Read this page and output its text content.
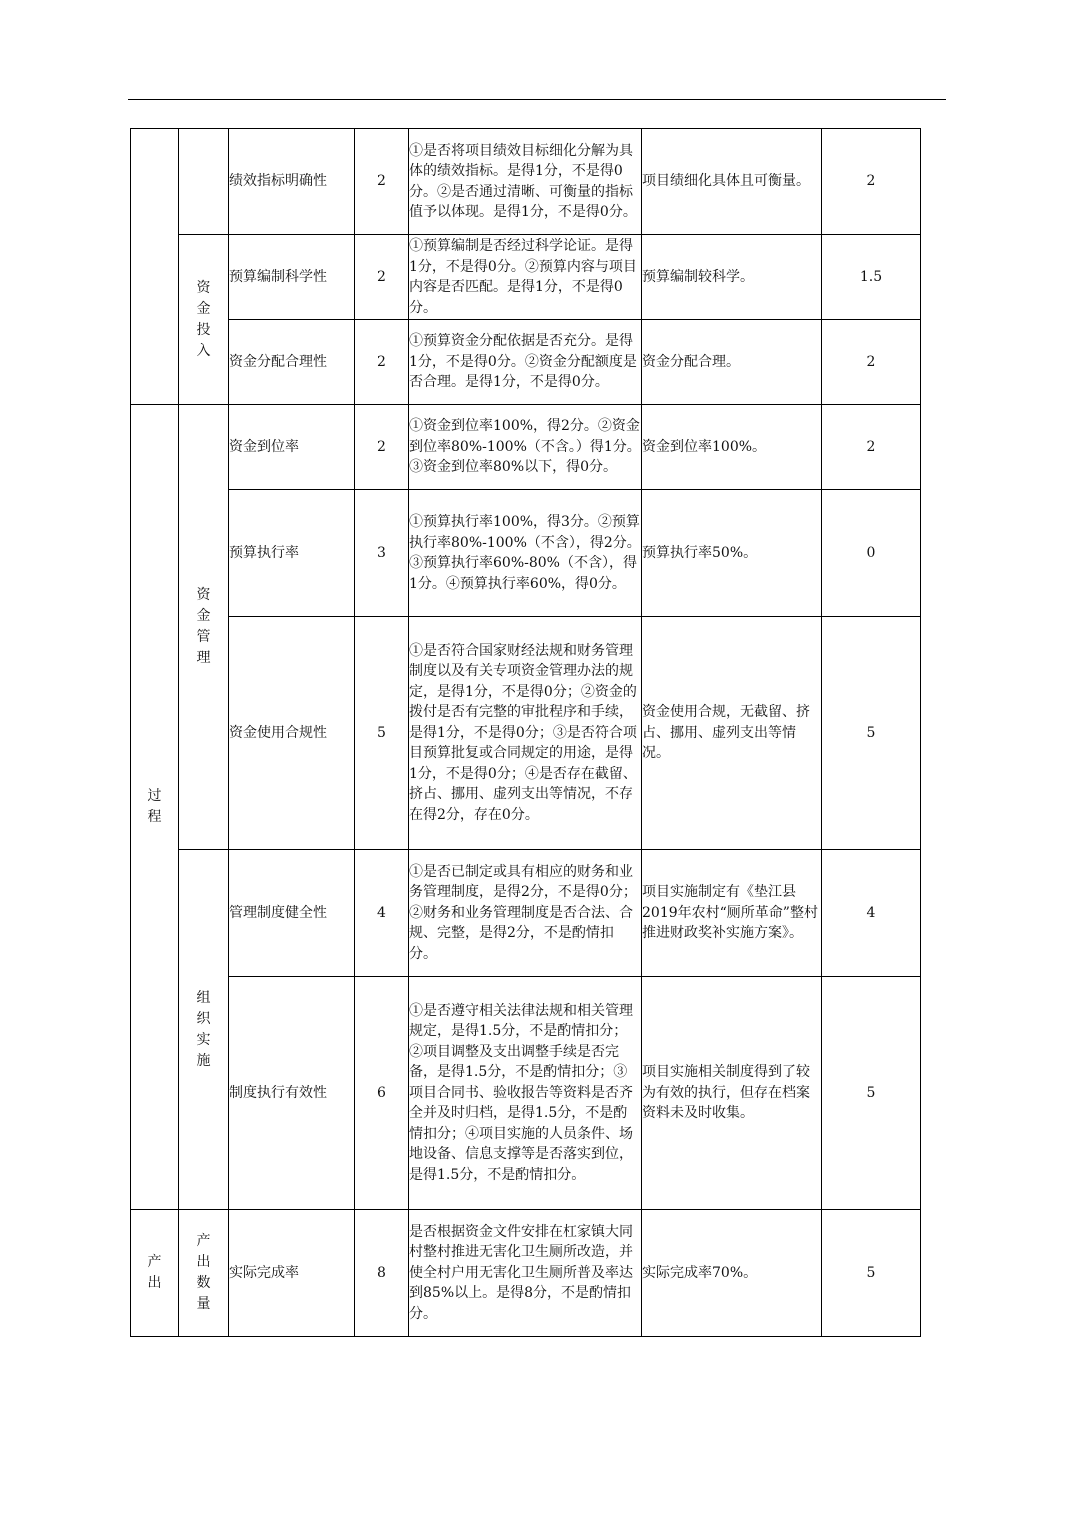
		绩效指标明确性	2	①是否将项目绩效目标细化分解为具体的绩效指标。是得1分，不是得0分。②是否通过清晰、可衡量的指标值予以体现。是得1分，不是得0分。	项目绩细化具体且可衡量。	2
	资金投入	预算编制科学性	2	①预算编制是否经过科学论证。是得1分，不是得0分。②预算内容与项目内容是否匹配。是得1分，不是得0分。	预算编制较科学。	1.5
		资金分配合理性	2	①预算资金分配依据是否充分。是得1分，不是得0分。②资金分配额度是否合理。是得1分，不是得0分。	资金分配合理。	2
过程	资金管理	资金到位率	2	①资金到位率100%，得2分。②资金到位率80%-100%（不含。）得1分。③资金到位率80%以下，得0分。	资金到位率100%。	2
		预算执行率	3	①预算执行率100%，得3分。②预算执行率80%-100%（不含），得2分。③预算执行率60%-80%（不含），得1分。④预算执行率60%，得0分。	预算执行率50%。	0
		资金使用合规性	5	①是否符合国家财经法规和财务管理制度以及有关专项资金管理办法的规定，是得1分，不是得0分；②资金的拨付是否有完整的审批程序和手续，是得1分，不是得0分；③是否符合项目预算批复或合同规定的用途，是得1分，不是得0分；④是否存在截留、挤占、挪用、虚列支出等情况，不存在得2分，存在0分。	资金使用合规，无截留、挤占、挪用、虚列支出等情况。	5
	组织实施	管理制度健全性	4	①是否已制定或具有相应的财务和业务管理制度，是得2分，不是得0分；②财务和业务管理制度是否合法、合规、完整，是得2分，不是酌情扣分。	项目实施制定有《垫江县2019年农村“厕所革命”整村推进财政奖补实施方案》。	4
		制度执行有效性	6	①是否遵守相关法律法规和相关管理规定，是得1.5分，不是酌情扣分；②项目调整及支出调整手续是否完备，是得1.5分，不是酌情扣分；③项目合同书、验收报告等资料是否齐全并及时归档，是得1.5分，不是酌情扣分；④项目实施的人员条件、场地设备、信息支撑等是否落实到位，是得1.5分，不是酌情扣分。	项目实施相关制度得到了较为有效的执行，但存在档案资料未及时收集。	5
产出	产出数量	实际完成率	8	是否根据资金文件安排在杠家镇大同村整村推进无害化卫生厕所改造，并使全村户用无害化卫生厕所普及率达到85%以上。是得8分，不是酌情扣分。	实际完成率70%。	5
